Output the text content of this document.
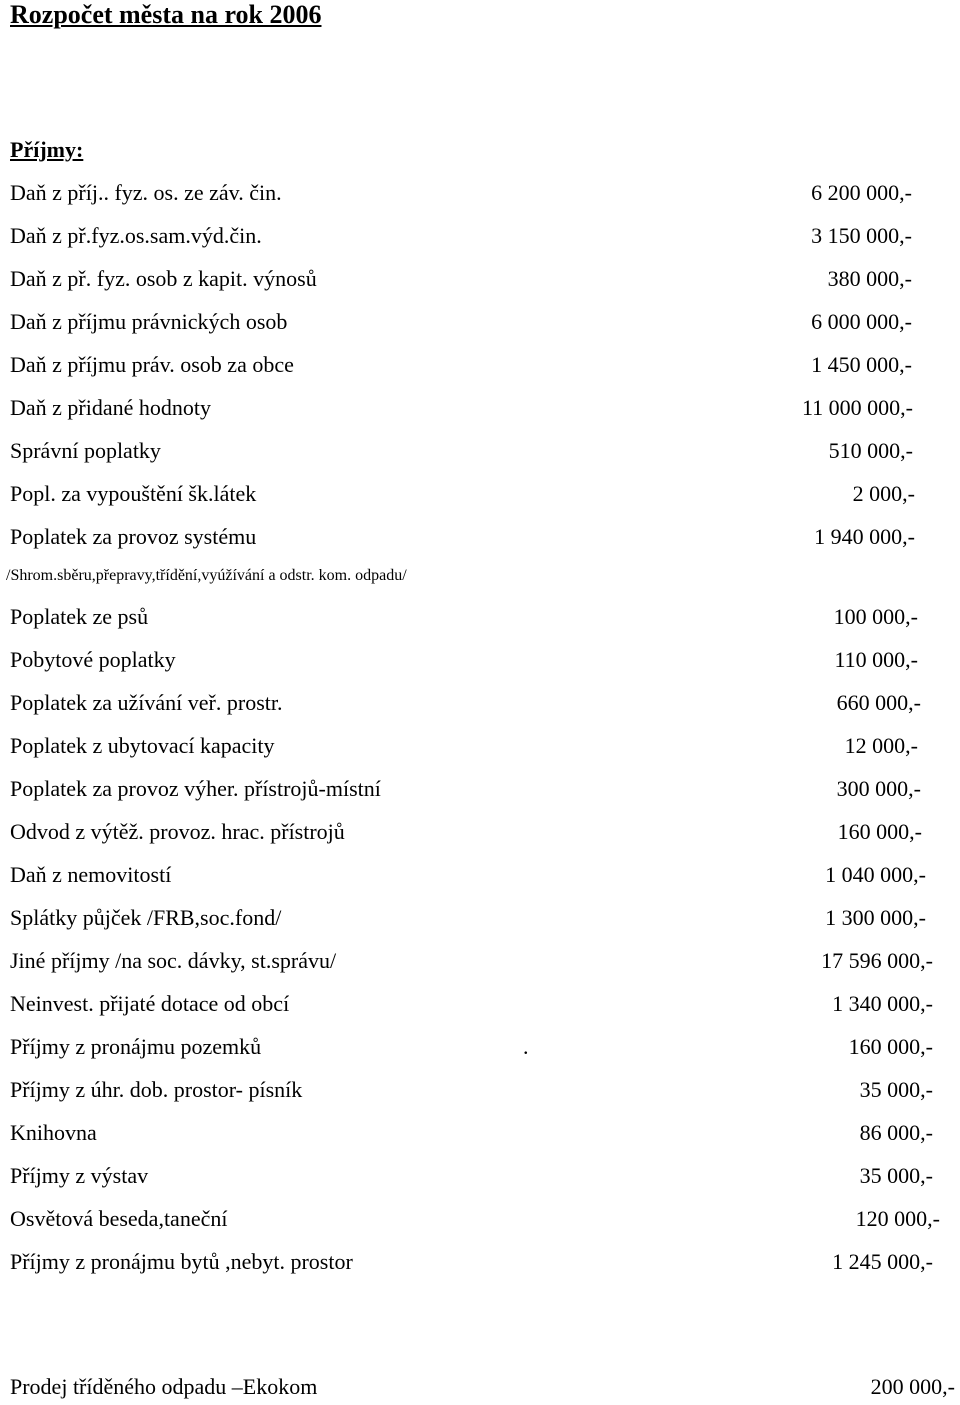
Rozpočet města na rok 2006
Příjmy:
Daň z příj.. fyz. os. ze záv. čin.	6 200 000,-
Daň z př.fyz.os.sam.výd.čin.	3 150 000,-
Daň z př. fyz. osob z kapit. výnosů	380 000,-
Daň z příjmu právnických osob	6 000 000,-
Daň z příjmu práv. osob za obce	1 450 000,-
Daň z přidané hodnoty	11 000 000,-
Správní poplatky	510 000,-
Popl. za vypouštění šk.látek	2 000,-
Poplatek za provoz systému	1 940 000,-
Poplatek ze psů	100 000,-
Pobytové poplatky	110 000,-
Poplatek za užívání veř. prostr.	660 000,-
Poplatek z ubytovací kapacity	12 000,-
Poplatek za provoz výher. přístrojů-místní	300 000,-
Odvod z výtěž. provoz. hrac. přístrojů	160 000,-
Daň z nemovitostí	1 040 000,-
Splátky půjček /FRB,soc.fond/	1 300 000,-
Jiné příjmy /na soc. dávky, st.správu/	17 596 000,-
Neinvest. přijaté dotace od obcí	1 340 000,-
Příjmy z pronájmu pozemků	.	160 000,-
Příjmy z úhr. dob. prostor- písník	35 000,-
Knihovna	86 000,-
Příjmy z výstav	35 000,-
Osvětová beseda,taneční	120 000,-
Příjmy z pronájmu bytů ,nebyt. prostor	1 245 000,-
/Shrom.sběru,přepravy,třídění,vyúžívání a odstr. kom. odpadu/
Prodej tříděného odpadu –Ekokom	200 000,-
